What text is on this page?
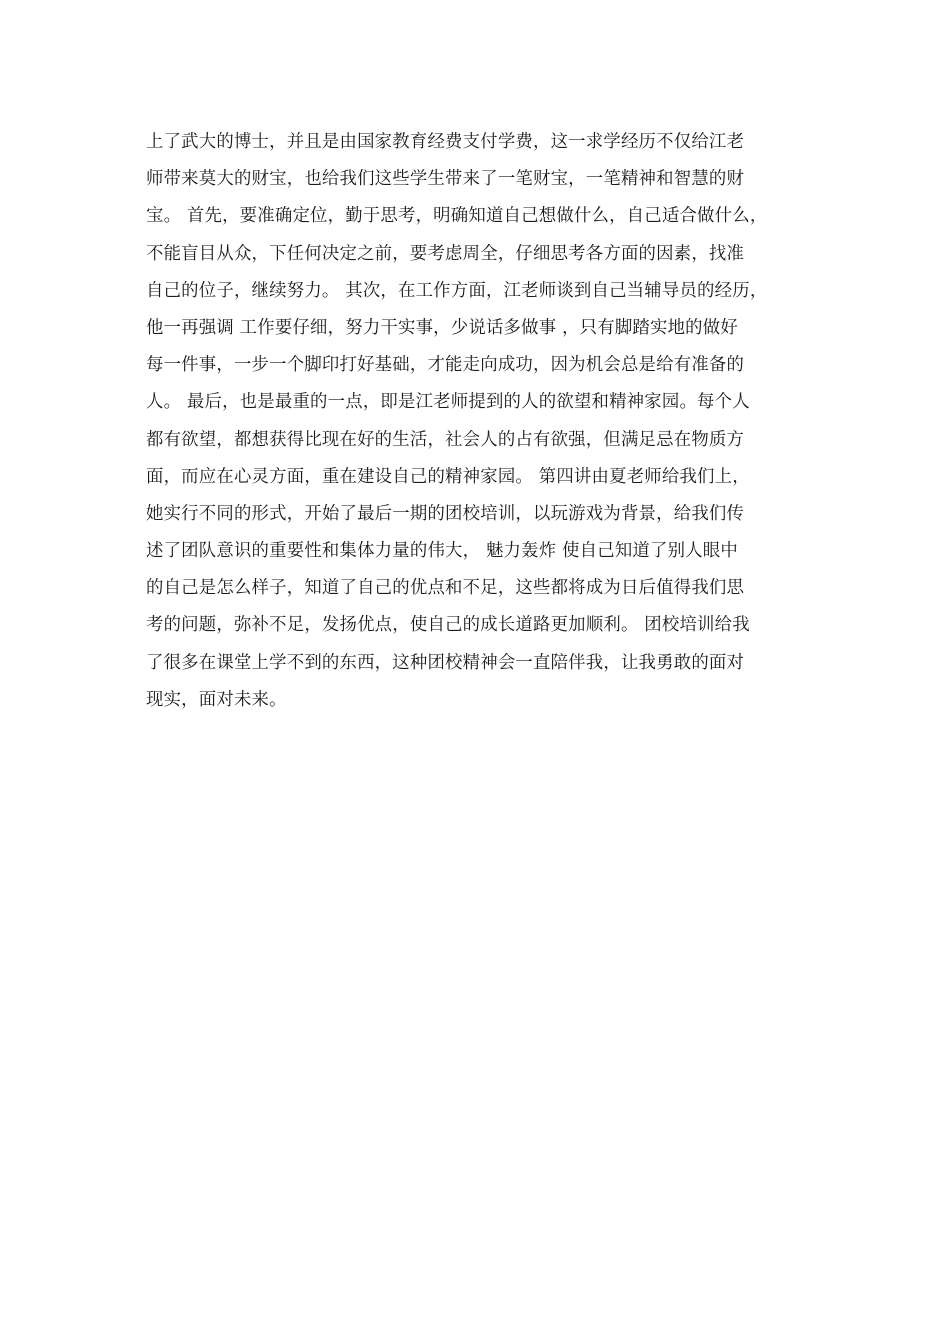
上了武大的博士，并且是由国家教育经费支付学费，这一求学经历不仅给江老
师带来莫大的财宝，也给我们这些学生带来了一笔财宝，一笔精神和智慧的财
宝。 首先，要准确定位，勤于思考，明确知道自己想做什么，自己适合做什么，
不能盲目从众，下任何决定之前，要考虑周全，仔细思考各方面的因素，找准
自己的位子，继续努力。 其次，在工作方面，江老师谈到自己当辅导员的经历，
他一再强调 工作要仔细，努力干实事，少说话多做事 ，只有脚踏实地的做好
每一件事，一步一个脚印打好基础，才能走向成功，因为机会总是给有准备的
人。 最后，也是最重的一点，即是江老师提到的人的欲望和精神家园。每个人
都有欲望，都想获得比现在好的生活，社会人的占有欲强，但满足忌在物质方
面，而应在心灵方面，重在建设自己的精神家园。 第四讲由夏老师给我们上，
她实行不同的形式，开始了最后一期的团校培训，以玩游戏为背景，给我们传
述了团队意识的重要性和集体力量的伟大， 魅力轰炸 使自己知道了别人眼中
的自己是怎么样子，知道了自己的优点和不足，这些都将成为日后值得我们思
考的问题，弥补不足，发扬优点，使自己的成长道路更加顺利。 团校培训给我
了很多在课堂上学不到的东西，这种团校精神会一直陪伴我，让我勇敢的面对
现实，面对未来。
